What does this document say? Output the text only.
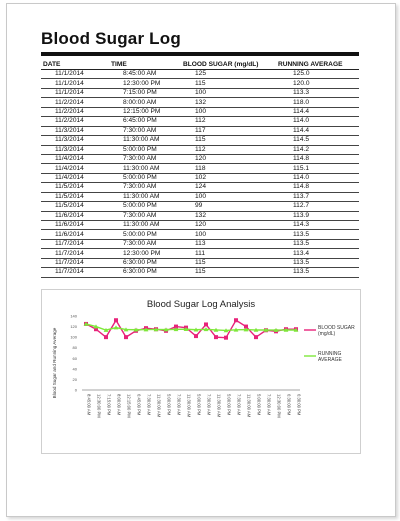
Blood Sugar Log
DATE	TIME	BLOOD SUGAR (mg/dL)	RUNNING AVERAGE
11/1/2014	8:45:00 AM	125	125.0
11/1/2014	12:30:00 PM	115	120.0
11/1/2014	7:15:00 PM	100	113.3
11/2/2014	8:00:00 AM	132	118.0
11/2/2014	12:15:00 PM	100	114.4
11/2/2014	6:45:00 PM	112	114.0
11/3/2014	7:30:00 AM	117	114.4
11/3/2014	11:30:00 AM	115	114.5
11/3/2014	5:00:00 PM	112	114.2
11/4/2014	7:30:00 AM	120	114.8
11/4/2014	11:30:00 AM	118	115.1
11/4/2014	5:00:00 PM	102	114.0
11/5/2014	7:30:00 AM	124	114.8
11/5/2014	11:30:00 AM	100	113.7
11/5/2014	5:00:00 PM	99	112.7
11/6/2014	7:30:00 AM	132	113.9
11/6/2014	11:30:00 AM	120	114.3
11/6/2014	5:00:00 PM	100	113.5
11/7/2014	7:30:00 AM	113	113.5
11/7/2014	12:30:00 PM	111	113.4
11/7/2014	6:30:00 PM	115	113.5
11/7/2014	6:30:00 PM	115	113.5
Blood Sugar Log Analysis
Blood Sugar and Running Average	0
20
40
60
80
100
120
140
8:45:00 AM 12:30:00 PM 7:15:00 PM 8:00:00 AM 12:15:00 PM 6:45:00 PM 7:30:00 AM 11:30:00 AM 5:00:00 PM 7:30:00 AM 11:30:00 AM 5:00:00 PM 7:30:00 AM 11:30:00 AM 5:00:00 PM 7:30:00 AM 11:30:00 AM 5:00:00 PM 7:30:00 AM 12:30:00 PM 6:30:00 PM 6:30:00 PM
BLOOD SUGAR
(mg/dL)
RUNNING
AVERAGE
